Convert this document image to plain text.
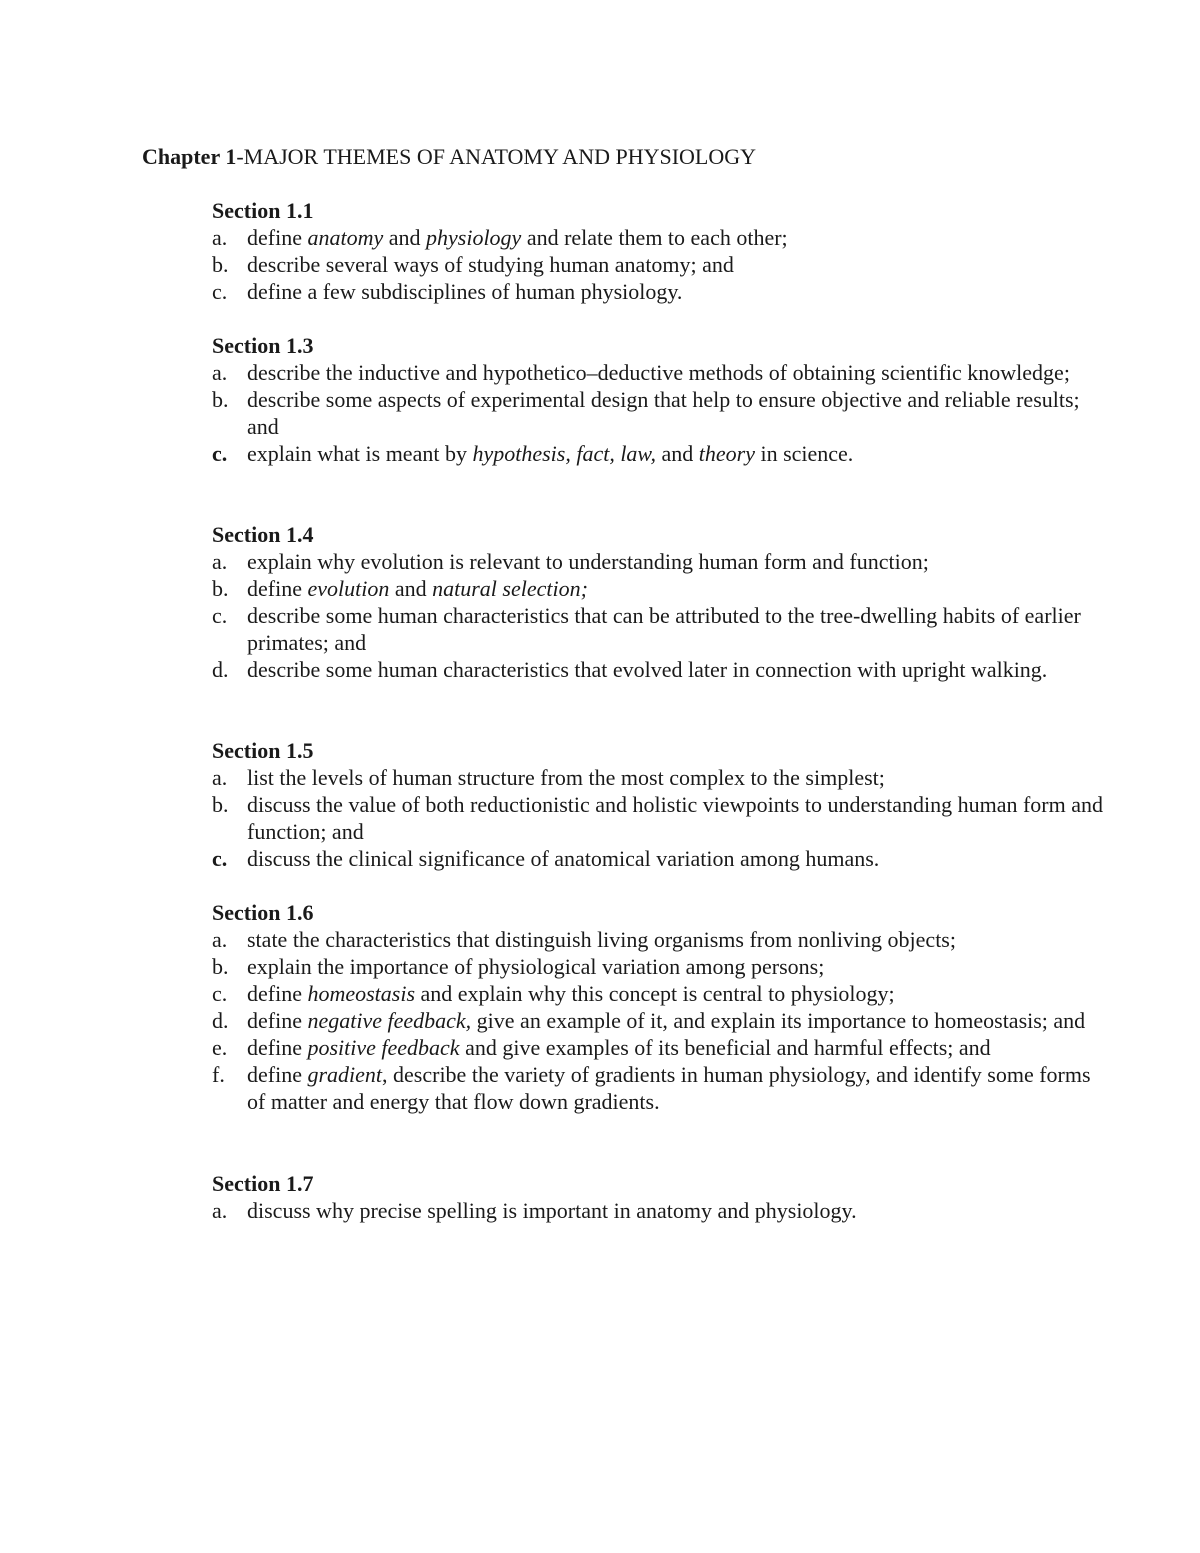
Chapter 1-MAJOR THEMES OF ANATOMY AND PHYSIOLOGY
Section 1.1
a. define anatomy and physiology and relate them to each other;
b. describe several ways of studying human anatomy; and
c. define a few subdisciplines of human physiology.
Section 1.3
a. describe the inductive and hypothetico–deductive methods of obtaining scientific knowledge;
b. describe some aspects of experimental design that help to ensure objective and reliable results; and
c. explain what is meant by hypothesis, fact, law, and theory in science.
Section 1.4
a. explain why evolution is relevant to understanding human form and function;
b. define evolution and natural selection;
c. describe some human characteristics that can be attributed to the tree-dwelling habits of earlier primates; and
d. describe some human characteristics that evolved later in connection with upright walking.
Section 1.5
a. list the levels of human structure from the most complex to the simplest;
b. discuss the value of both reductionistic and holistic viewpoints to understanding human form and function; and
c. discuss the clinical significance of anatomical variation among humans.
Section 1.6
a. state the characteristics that distinguish living organisms from nonliving objects;
b. explain the importance of physiological variation among persons;
c. define homeostasis and explain why this concept is central to physiology;
d. define negative feedback, give an example of it, and explain its importance to homeostasis; and
e. define positive feedback and give examples of its beneficial and harmful effects; and
f.	define gradient, describe the variety of gradients in human physiology, and identify some forms of matter and energy that flow down gradients.
Section 1.7
a. discuss why precise spelling is important in anatomy and physiology.
